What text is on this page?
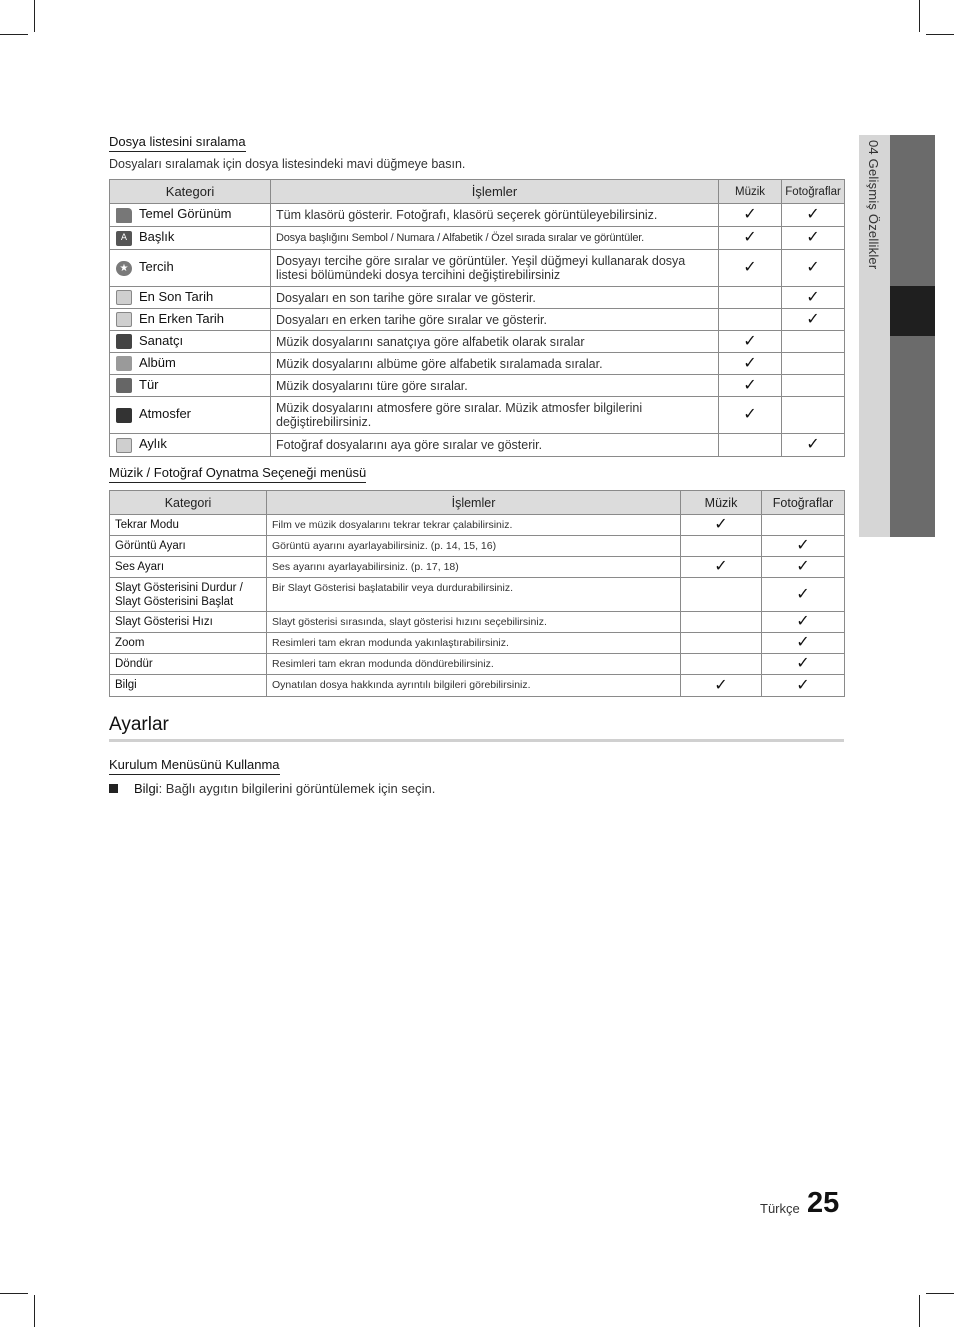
04 Gelişmiş Özellikler
Dosya listesini sıralama
Dosyaları sıralamak için dosya listesindeki mavi düğmeye basın.
Kategori	İşlemler	Müzik	Fotoğraflar
Temel Görünüm	Tüm klasörü gösterir. Fotoğrafı, klasörü seçerek görüntüleyebilirsiniz.	✓	✓
A Başlık	Dosya başlığını Sembol / Numara / Alfabetik / Özel sırada sıralar ve görüntüler.	✓	✓
★ Tercih	Dosyayı tercihe göre sıralar ve görüntüler. Yeşil düğmeyi kullanarak dosya listesi bölümündeki dosya tercihini değiştirebilirsiniz	✓	✓
En Son Tarih	Dosyaları en son tarihe göre sıralar ve gösterir.		✓
En Erken Tarih	Dosyaları en erken tarihe göre sıralar ve gösterir.		✓
Sanatçı	Müzik dosyalarını sanatçıya göre alfabetik olarak sıralar	✓	
Albüm	Müzik dosyalarını albüme göre alfabetik sıralamada sıralar.	✓	
Tür	Müzik dosyalarını türe göre sıralar.	✓	
Atmosfer	Müzik dosyalarını atmosfere göre sıralar. Müzik atmosfer bilgilerini değiştirebilirsiniz.	✓	
Aylık	Fotoğraf dosyalarını aya göre sıralar ve gösterir.		✓
Müzik / Fotoğraf Oynatma Seçeneği menüsü
Kategori	İşlemler	Müzik	Fotoğraflar
Tekrar Modu	Film ve müzik dosyalarını tekrar tekrar çalabilirsiniz.	✓	
Görüntü Ayarı	Görüntü ayarını ayarlayabilirsiniz. (p. 14, 15, 16)		✓
Ses Ayarı	Ses ayarını ayarlayabilirsiniz. (p. 17, 18)	✓	✓
Slayt Gösterisini Durdur / Slayt Gösterisini Başlat	Bir Slayt Gösterisi başlatabilir veya durdurabilirsiniz.		✓
Slayt Gösterisi Hızı	Slayt gösterisi sırasında, slayt gösterisi hızını seçebilirsiniz.		✓
Zoom	Resimleri tam ekran modunda yakınlaştırabilirsiniz.		✓
Döndür	Resimleri tam ekran modunda döndürebilirsiniz.		✓
Bilgi	Oynatılan dosya hakkında ayrıntılı bilgileri görebilirsiniz.	✓	✓
Ayarlar
Kurulum Menüsünü Kullanma
Bilgi: Bağlı aygıtın bilgilerini görüntülemek için seçin.
Türkçe 25
